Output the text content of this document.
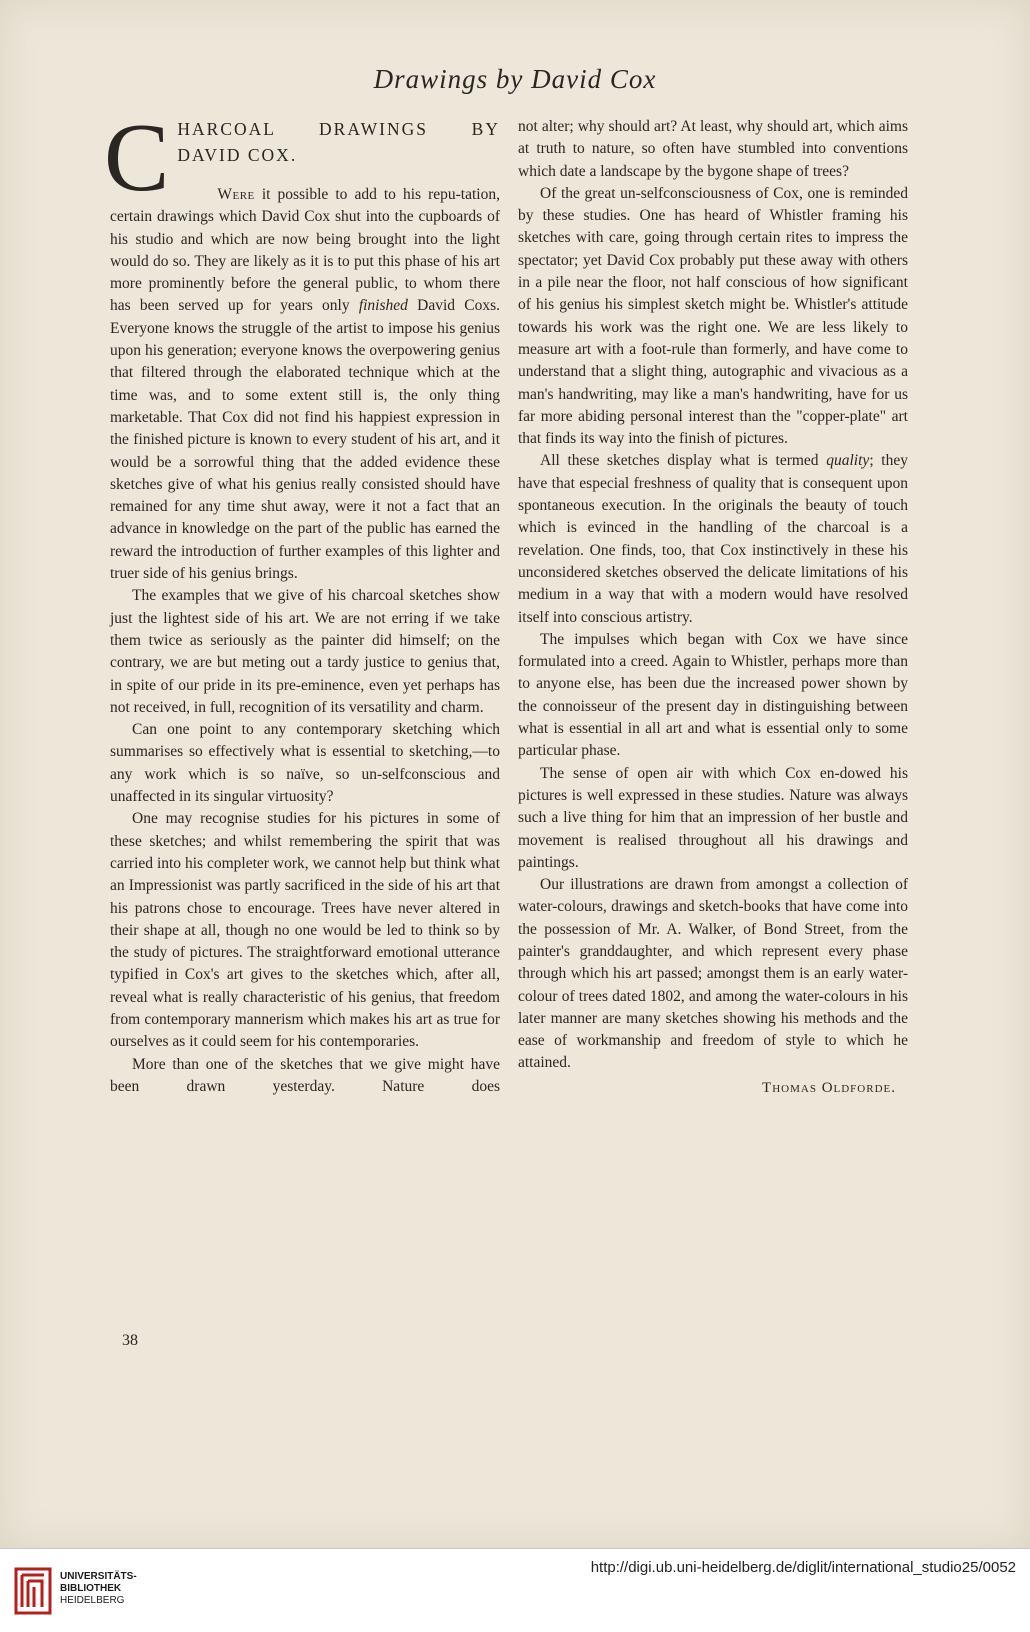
Drawings by David Cox
C HARCOAL DRAWINGS BY
DAVID COX.

Were it possible to add to his repu-tation, certain drawings which David Cox shut into the cupboards of his studio and which are now being brought into the light would do so. They are likely as it is to put this phase of his art more prominently before the general public, to whom there has been served up for years only finished David Coxs. Everyone knows the struggle of the artist to impose his genius upon his generation; everyone knows the overpowering genius that filtered through the elaborated technique which at the time was, and to some extent still is, the only thing marketable. That Cox did not find his happiest expression in the finished picture is known to every student of his art, and it would be a sorrowful thing that the added evidence these sketches give of what his genius really consisted should have remained for any time shut away, were it not a fact that an advance in knowledge on the part of the public has earned the reward the introduction of further examples of this lighter and truer side of his genius brings.

The examples that we give of his charcoal sketches show just the lightest side of his art. We are not erring if we take them twice as seriously as the painter did himself; on the contrary, we are but meting out a tardy justice to genius that, in spite of our pride in its pre-eminence, even yet perhaps has not received, in full, recognition of its versatility and charm.

Can one point to any contemporary sketching which summarises so effectively what is essential to sketching,—to any work which is so naïve, so un-selfconscious and unaffected in its singular virtuosity?

One may recognise studies for his pictures in some of these sketches; and whilst remembering the spirit that was carried into his completer work, we cannot help but think what an Impressionist was partly sacrificed in the side of his art that his patrons chose to encourage. Trees have never altered in their shape at all, though no one would be led to think so by the study of pictures. The straightforward emotional utterance typified in Cox's art gives to the sketches which, after all, reveal what is really characteristic of his genius, that freedom from contemporary mannerism which makes his art as true for ourselves as it could seem for his contemporaries.

More than one of the sketches that we give might have been drawn yesterday. Nature does

not alter; why should art? At least, why should art, which aims at truth to nature, so often have stumbled into conventions which date a landscape by the bygone shape of trees?

Of the great un-selfconsciousness of Cox, one is reminded by these studies. One has heard of Whistler framing his sketches with care, going through certain rites to impress the spectator; yet David Cox probably put these away with others in a pile near the floor, not half conscious of how significant of his genius his simplest sketch might be. Whistler's attitude towards his work was the right one. We are less likely to measure art with a foot-rule than formerly, and have come to understand that a slight thing, autographic and vivacious as a man's handwriting, may like a man's handwriting, have for us far more abiding personal interest than the "copper-plate" art that finds its way into the finish of pictures.

All these sketches display what is termed quality; they have that especial freshness of quality that is consequent upon spontaneous execution. In the originals the beauty of touch which is evinced in the handling of the charcoal is a revelation. One finds, too, that Cox instinctively in these his unconsidered sketches observed the delicate limitations of his medium in a way that with a modern would have resolved itself into conscious artistry.

The impulses which began with Cox we have since formulated into a creed. Again to Whistler, perhaps more than to anyone else, has been due the increased power shown by the connoisseur of the present day in distinguishing between what is essential in all art and what is essential only to some particular phase.

The sense of open air with which Cox en-dowed his pictures is well expressed in these studies. Nature was always such a live thing for him that an impression of her bustle and movement is realised throughout all his drawings and paintings.

Our illustrations are drawn from amongst a collection of water-colours, drawings and sketch-books that have come into the possession of Mr. A. Walker, of Bond Street, from the painter's granddaughter, and which represent every phase through which his art passed; amongst them is an early water-colour of trees dated 1802, and among the water-colours in his later manner are many sketches showing his methods and the ease of workmanship and freedom of style to which he attained.

Thomas Oldforde.
38
UNIVERSITÄTS-
BIBLIOTHEK
HEIDELBERG
http://digi.ub.uni-heidelberg.de/diglit/international_studio25/0052
